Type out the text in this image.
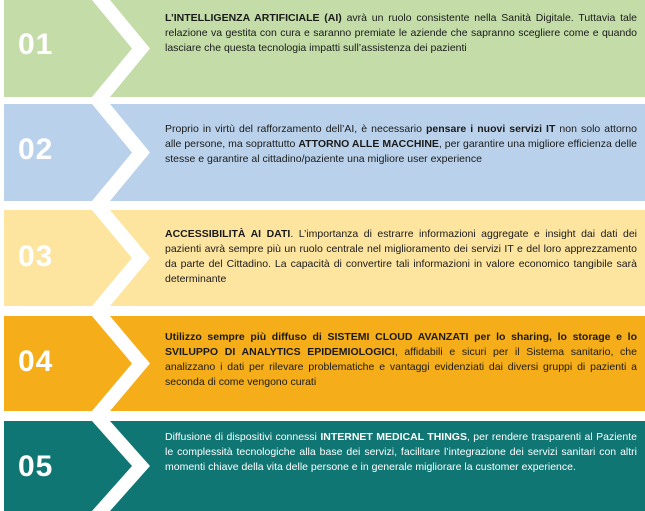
01
L’INTELLIGENZA ARTIFICIALE (AI) avrà un ruolo consistente nella Sanità Digitale. Tuttavia tale relazione va gestita con cura e saranno premiate le aziende che sapranno scegliere come e quando lasciare che questa tecnologia impatti sull’assistenza dei pazienti
02
Proprio in virtù del rafforzamento dell’AI, è necessario pensare i nuovi servizi IT non solo attorno alle persone, ma soprattutto ATTORNO ALLE MACCHINE, per garantire una migliore efficienza delle stesse e garantire al cittadino/paziente una migliore user experience
03
ACCESSIBILITÀ AI DATI. L’importanza di estrarre informazioni aggregate e insight dai dati dei pazienti avrà sempre più un ruolo centrale nel miglioramento dei servizi IT e del loro apprezzamento da parte del Cittadino. La capacità di convertire tali informazioni in valore economico tangibile sarà determinante
04
Utilizzo sempre più diffuso di SISTEMI CLOUD AVANZATI per lo sharing, lo storage e lo SVILUPPO DI ANALYTICS EPIDEMIOLOGICI, affidabili e sicuri per il Sistema sanitario, che analizzano i dati per rilevare problematiche e vantaggi evidenziati dai diversi gruppi di pazienti a seconda di come vengono curati
05
Diffusione di dispositivi connessi INTERNET MEDICAL THINGS, per rendere trasparenti al Paziente le complessità tecnologiche alla base dei servizi, facilitare l’integrazione dei servizi sanitari con altri momenti chiave della vita delle persone e in generale migliorare la customer experience.
